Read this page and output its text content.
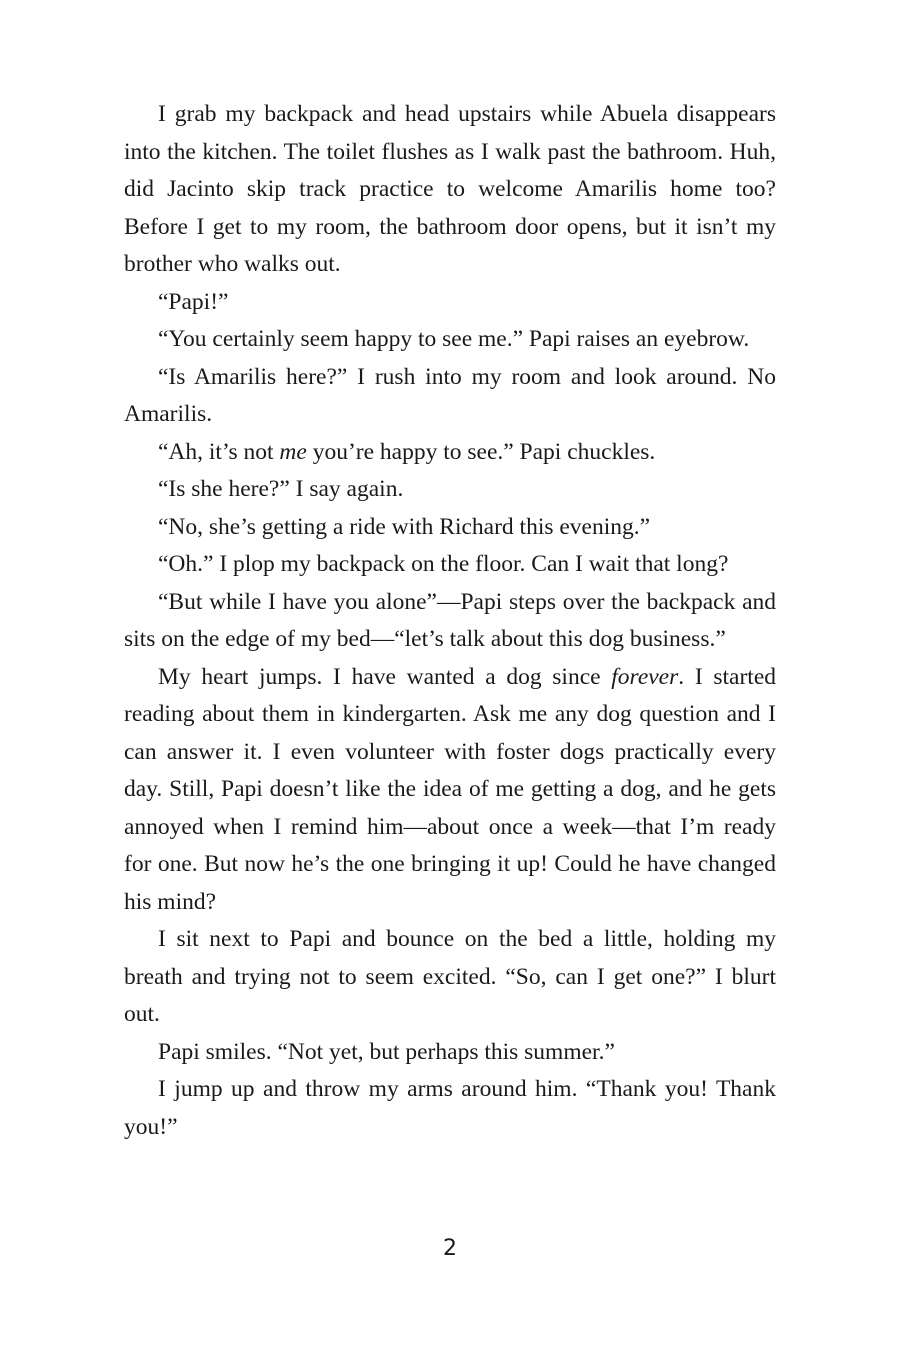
I grab my backpack and head upstairs while Abuela disappears into the kitchen. The toilet flushes as I walk past the bathroom. Huh, did Jacinto skip track practice to welcome Amarilis home too? Before I get to my room, the bathroom door opens, but it isn’t my brother who walks out.

“Papi!”

“You certainly seem happy to see me.” Papi raises an eyebrow.

“Is Amarilis here?” I rush into my room and look around. No Amarilis.

“Ah, it’s not me you’re happy to see.” Papi chuckles.

“Is she here?” I say again.

“No, she’s getting a ride with Richard this evening.”

“Oh.” I plop my backpack on the floor. Can I wait that long?

“But while I have you alone”—Papi steps over the backpack and sits on the edge of my bed—“let’s talk about this dog business.”

My heart jumps. I have wanted a dog since forever. I started reading about them in kindergarten. Ask me any dog question and I can answer it. I even volunteer with foster dogs practically every day. Still, Papi doesn’t like the idea of me getting a dog, and he gets annoyed when I remind him—about once a week—that I’m ready for one. But now he’s the one bringing it up! Could he have changed his mind?

I sit next to Papi and bounce on the bed a little, holding my breath and trying not to seem excited. “So, can I get one?” I blurt out.

Papi smiles. “Not yet, but perhaps this summer.”

I jump up and throw my arms around him. “Thank you! Thank you!”

2
